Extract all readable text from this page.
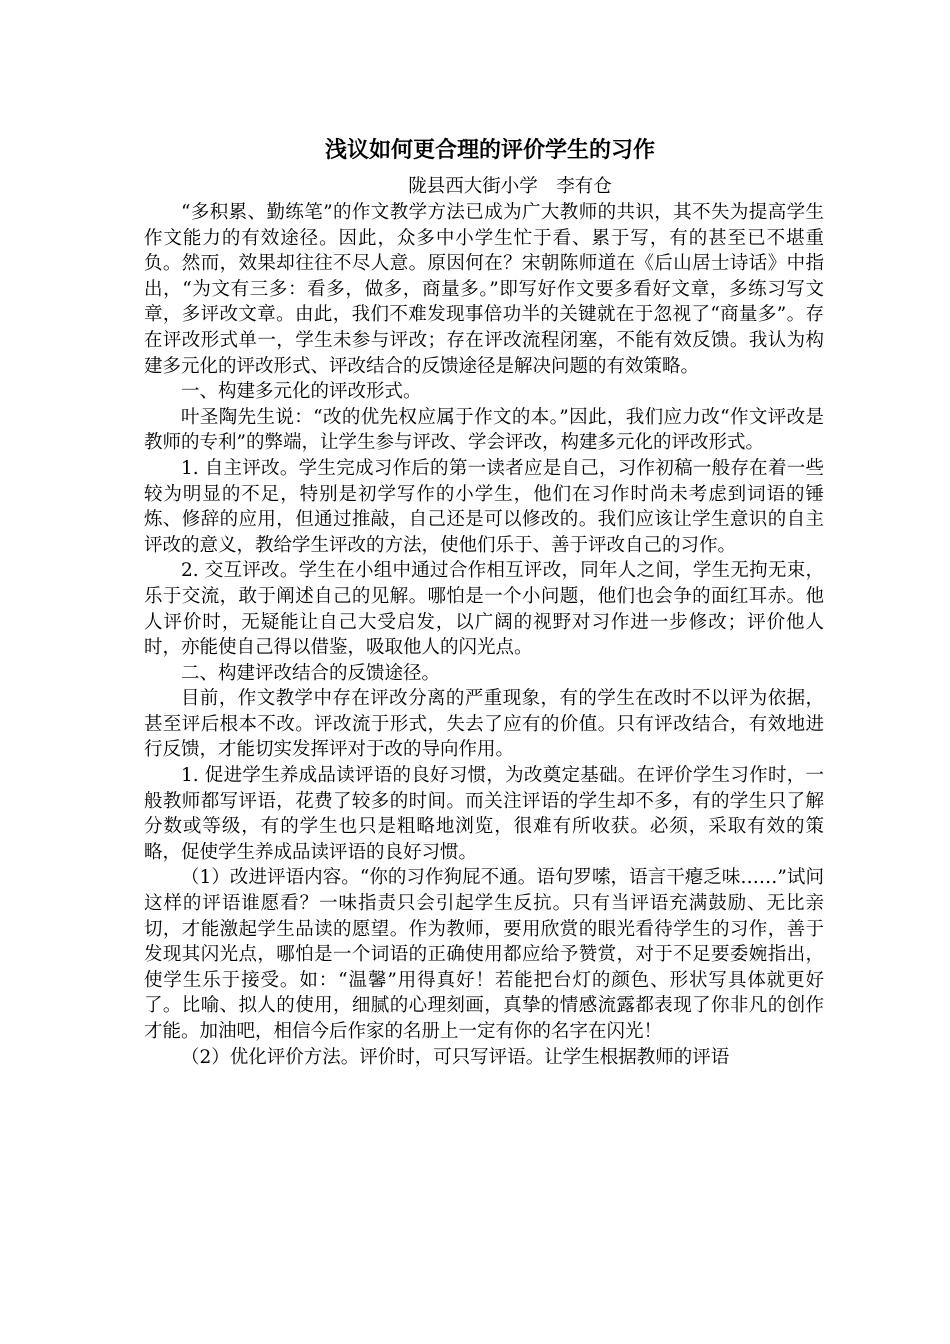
浅议如何更合理的评价学生的习作
陇县西大街小学　李有仓

“多积累、勤练笔”的作文教学方法已成为广大教师的共识，其不失为提高学生作文能力的有效途径。因此，众多中小学生忙于看、累于写，有的甚至已不堪重负。然而，效果却往往不尽人意。原因何在？宋朝陈师道在《后山居士诗话》中指出，“为文有三多：看多，做多，商量多。”即写好作文要多看好文章，多练习写文章，多评改文章。由此，我们不难发现事倍功半的关键就在于忽视了“商量多”。存在评改形式单一，学生未参与评改；存在评改流程闭塞，不能有效反馈。我认为构建多元化的评改形式、评改结合的反馈途径是解决问题的有效策略。

一、构建多元化的评改形式。

叶圣陶先生说：“改的优先权应属于作文的本。”因此，我们应力改“作文评改是教师的专利”的弊端，让学生参与评改、学会评改，构建多元化的评改形式。

1. 自主评改。学生完成习作后的第一读者应是自己，习作初稿一般存在着一些较为明显的不足，特别是初学写作的小学生，他们在习作时尚未考虑到词语的锤炼、修辞的应用，但通过推敲，自己还是可以修改的。我们应该让学生意识的自主评改的意义，教给学生评改的方法，使他们乐于、善于评改自己的习作。

2. 交互评改。学生在小组中通过合作相互评改，同年人之间，学生无拘无束，乐于交流，敢于阐述自己的见解。哪怕是一个小问题，他们也会争的面红耳赤。他人评价时，无疑能让自己大受启发，以广阔的视野对习作进一步修改；评价他人时，亦能使自己得以借鉴，吸取他人的闪光点。

二、构建评改结合的反馈途径。

目前，作文教学中存在评改分离的严重现象，有的学生在改时不以评为依据，甚至评后根本不改。评改流于形式，失去了应有的价值。只有评改结合，有效地进行反馈，才能切实发挥评对于改的导向作用。

1. 促进学生养成品读评语的良好习惯，为改奠定基础。在评价学生习作时，一般教师都写评语，花费了较多的时间。而关注评语的学生却不多，有的学生只了解分数或等级，有的学生也只是粗略地浏览，很难有所收获。必须，采取有效的策略，促使学生养成品读评语的良好习惯。

（1）改进评语内容。“你的习作狗屁不通。语句罗嗦，语言干瘪乏味……”试问这样的评语谁愿看？一味指责只会引起学生反抗。只有当评语充满鼓励、无比亲切，才能激起学生品读的愿望。作为教师，要用欣赏的眼光看待学生的习作，善于发现其闪光点，哪怕是一个词语的正确使用都应给予赞赏，对于不足要委婉指出，使学生乐于接受。如：“温馨”用得真好！若能把台灯的颜色、形状写具体就更好了。比喻、拟人的使用，细腻的心理刻画，真挚的情感流露都表现了你非凡的创作才能。加油吧，相信今后作家的名册上一定有你的名字在闪光！

（2）优化评价方法。评价时，可只写评语。让学生根据教师的评语
